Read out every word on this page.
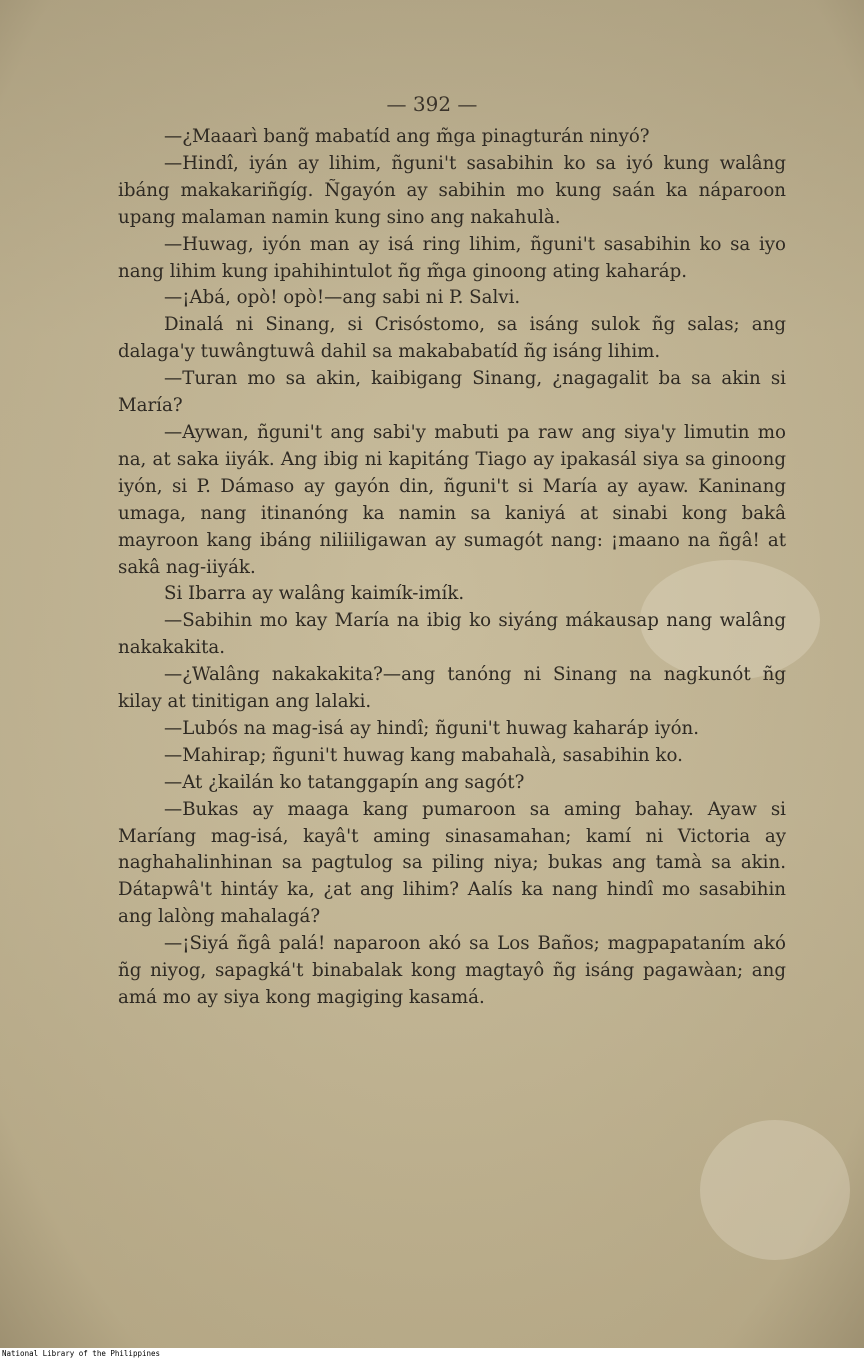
— 392 —

—¿Maaarì bang̃ mabatíd ang m̃ga pinagturán ninyó?

—Hindî, iyán ay lihim, ñguni't sasabihin ko sa iyó kung walâng ibáng makakariñgíg. Ñgayón ay sabihin mo kung saán ka náparoon upang malaman namin kung sino ang nakahulà.

—Huwag, iyón man ay isá ring lihim, ñguni't sasabihin ko sa iyo nang lihim kung ipahihintulot ñg m̃ga ginoong ating kaharáp.

—¡Abá, opò! opò!—ang sabi ni P. Salvi.

Dinalá ni Sinang, si Crisóstomo, sa isáng sulok ñg salas; ang dalaga'y tuwângtuwâ dahil sa makababatíd ñg isáng lihim.

—Turan mo sa akin, kaibigang Sinang, ¿nagagalit ba sa akin si María?

—Aywan, ñguni't ang sabi'y mabuti pa raw ang siya'y limutin mo na, at saka iiyák. Ang ibig ni kapitáng Tiago ay ipakasál siya sa ginoong iyón, si P. Dámaso ay gayón din, ñguni't si María ay ayaw. Kaninang umaga, nang itinanóng ka namin sa kaniyá at sinabi kong bakâ mayroon kang ibáng niliiligawan ay sumagót nang: ¡maano na ñgâ! at sakâ nag-iiyák.

Si Ibarra ay walâng kaimík-imík.

—Sabihin mo kay María na ibig ko siyáng mákausap nang walâng nakakakita.

—¿Walâng nakakakita?—ang tanóng ni Sinang na nagkunót ñg kilay at tinitigan ang lalaki.

—Lubós na mag-isá ay hindî; ñguni't huwag kaharáp iyón.

—Mahirap; ñguni't huwag kang mabahalà, sasabihin ko.

—At ¿kailán ko tatanggapín ang sagót?

—Bukas ay maaga kang pumaroon sa aming bahay. Ayaw si Maríang mag-isá, kayâ't aming sinasamahan; kamí ni Victoria ay naghahalinhinan sa pagtulog sa piling niya; bukas ang tamà sa akin. Dátapwâ't hintáy ka, ¿at ang lihim? Aalís ka nang hindî mo sasabihin ang lalòng mahalagá?

—¡Siyá ñgâ palá! naparoon akó sa Los Baños; magpapataním akó ñg niyog, sapagká't binabalak kong magtayô ñg isáng pagawàan; ang amá mo ay siya kong magiging kasamá.

National Library of the Philippines
